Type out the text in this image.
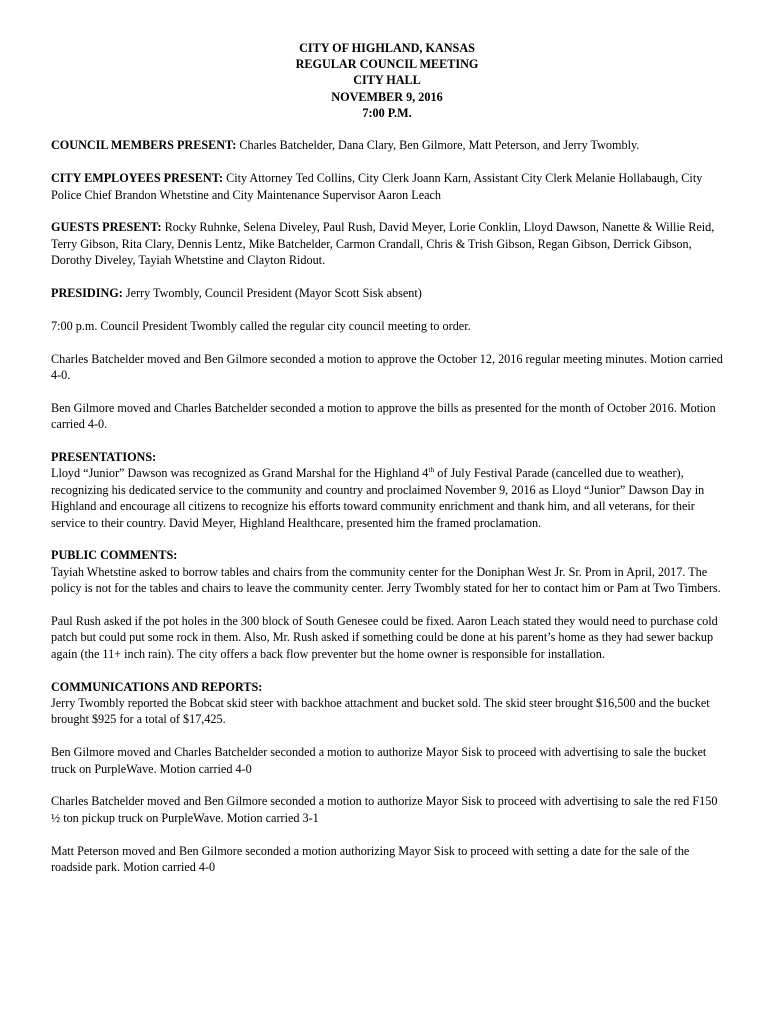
CITY OF HIGHLAND, KANSAS
REGULAR COUNCIL MEETING
CITY HALL
NOVEMBER 9, 2016
7:00 P.M.

COUNCIL MEMBERS PRESENT: Charles Batchelder, Dana Clary, Ben Gilmore, Matt Peterson, and Jerry Twombly.

CITY EMPLOYEES PRESENT: City Attorney Ted Collins, City Clerk Joann Karn, Assistant City Clerk Melanie Hollabaugh, City Police Chief Brandon Whetstine and City Maintenance Supervisor Aaron Leach

GUESTS PRESENT: Rocky Ruhnke, Selena Diveley, Paul Rush, David Meyer, Lorie Conklin, Lloyd Dawson, Nanette & Willie Reid, Terry Gibson, Rita Clary, Dennis Lentz, Mike Batchelder, Carmon Crandall, Chris & Trish Gibson, Regan Gibson, Derrick Gibson, Dorothy Diveley, Tayiah Whetstine and Clayton Ridout.

PRESIDING: Jerry Twombly, Council President (Mayor Scott Sisk absent)

7:00 p.m. Council President Twombly called the regular city council meeting to order.

Charles Batchelder moved and Ben Gilmore seconded a motion to approve the October 12, 2016 regular meeting minutes. Motion carried 4-0.

Ben Gilmore moved and Charles Batchelder seconded a motion to approve the bills as presented for the month of October 2016. Motion carried 4-0.

PRESENTATIONS:
Lloyd “Junior” Dawson was recognized as Grand Marshal for the Highland 4th of July Festival Parade (cancelled due to weather), recognizing his dedicated service to the community and country and proclaimed November 9, 2016 as Lloyd “Junior” Dawson Day in Highland and encourage all citizens to recognize his efforts toward community enrichment and thank him, and all veterans, for their service to their country. David Meyer, Highland Healthcare, presented him the framed proclamation.
PUBLIC COMMENTS:

Tayiah Whetstine asked to borrow tables and chairs from the community center for the Doniphan West Jr. Sr. Prom in April, 2017. The policy is not for the tables and chairs to leave the community center. Jerry Twombly stated for her to contact him or Pam at Two Timbers.

Paul Rush asked if the pot holes in the 300 block of South Genesee could be fixed. Aaron Leach stated they would need to purchase cold patch but could put some rock in them. Also, Mr. Rush asked if something could be done at his parent’s home as they had sewer backup again (the 11+ inch rain). The city offers a back flow preventer but the home owner is responsible for installation.

COMMUNICATIONS AND REPORTS:

Jerry Twombly reported the Bobcat skid steer with backhoe attachment and bucket sold. The skid steer brought $16,500 and the bucket brought $925 for a total of $17,425.

Ben Gilmore moved and Charles Batchelder seconded a motion to authorize Mayor Sisk to proceed with advertising to sale the bucket truck on PurpleWave. Motion carried 4-0

Charles Batchelder moved and Ben Gilmore seconded a motion to authorize Mayor Sisk to proceed with advertising to sale the red F150 ½ ton pickup truck on PurpleWave. Motion carried 3-1

Matt Peterson moved and Ben Gilmore seconded a motion authorizing Mayor Sisk to proceed with setting a date for the sale of the roadside park. Motion carried 4-0
